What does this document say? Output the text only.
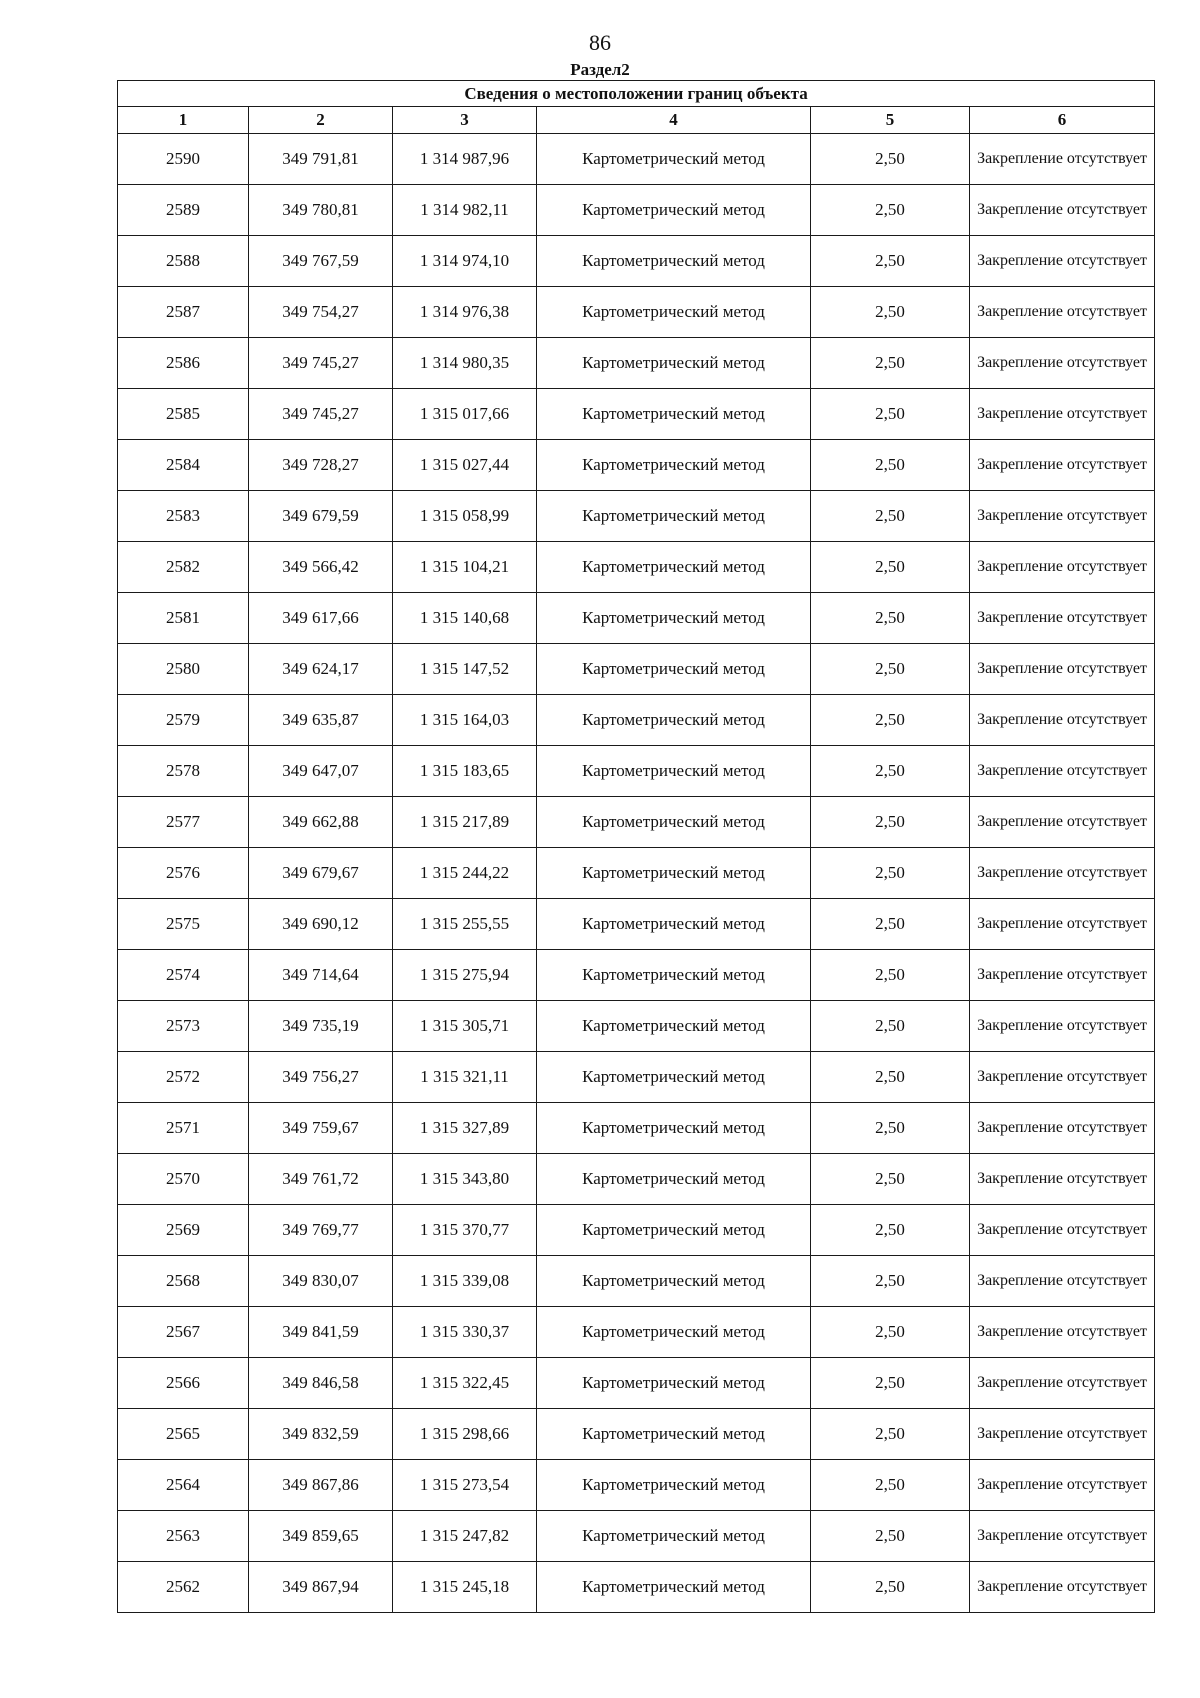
86
Раздел2
Сведения о местоположении границ объекта					
1	2	3	4	5	6
2590	349 791,81	1 314 987,96	Картометрический метод	2,50	Закрепление отсутствует
2589	349 780,81	1 314 982,11	Картометрический метод	2,50	Закрепление отсутствует
2588	349 767,59	1 314 974,10	Картометрический метод	2,50	Закрепление отсутствует
2587	349 754,27	1 314 976,38	Картометрический метод	2,50	Закрепление отсутствует
2586	349 745,27	1 314 980,35	Картометрический метод	2,50	Закрепление отсутствует
2585	349 745,27	1 315 017,66	Картометрический метод	2,50	Закрепление отсутствует
2584	349 728,27	1 315 027,44	Картометрический метод	2,50	Закрепление отсутствует
2583	349 679,59	1 315 058,99	Картометрический метод	2,50	Закрепление отсутствует
2582	349 566,42	1 315 104,21	Картометрический метод	2,50	Закрепление отсутствует
2581	349 617,66	1 315 140,68	Картометрический метод	2,50	Закрепление отсутствует
2580	349 624,17	1 315 147,52	Картометрический метод	2,50	Закрепление отсутствует
2579	349 635,87	1 315 164,03	Картометрический метод	2,50	Закрепление отсутствует
2578	349 647,07	1 315 183,65	Картометрический метод	2,50	Закрепление отсутствует
2577	349 662,88	1 315 217,89	Картометрический метод	2,50	Закрепление отсутствует
2576	349 679,67	1 315 244,22	Картометрический метод	2,50	Закрепление отсутствует
2575	349 690,12	1 315 255,55	Картометрический метод	2,50	Закрепление отсутствует
2574	349 714,64	1 315 275,94	Картометрический метод	2,50	Закрепление отсутствует
2573	349 735,19	1 315 305,71	Картометрический метод	2,50	Закрепление отсутствует
2572	349 756,27	1 315 321,11	Картометрический метод	2,50	Закрепление отсутствует
2571	349 759,67	1 315 327,89	Картометрический метод	2,50	Закрепление отсутствует
2570	349 761,72	1 315 343,80	Картометрический метод	2,50	Закрепление отсутствует
2569	349 769,77	1 315 370,77	Картометрический метод	2,50	Закрепление отсутствует
2568	349 830,07	1 315 339,08	Картометрический метод	2,50	Закрепление отсутствует
2567	349 841,59	1 315 330,37	Картометрический метод	2,50	Закрепление отсутствует
2566	349 846,58	1 315 322,45	Картометрический метод	2,50	Закрепление отсутствует
2565	349 832,59	1 315 298,66	Картометрический метод	2,50	Закрепление отсутствует
2564	349 867,86	1 315 273,54	Картометрический метод	2,50	Закрепление отсутствует
2563	349 859,65	1 315 247,82	Картометрический метод	2,50	Закрепление отсутствует
2562	349 867,94	1 315 245,18	Картометрический метод	2,50	Закрепление отсутствует
